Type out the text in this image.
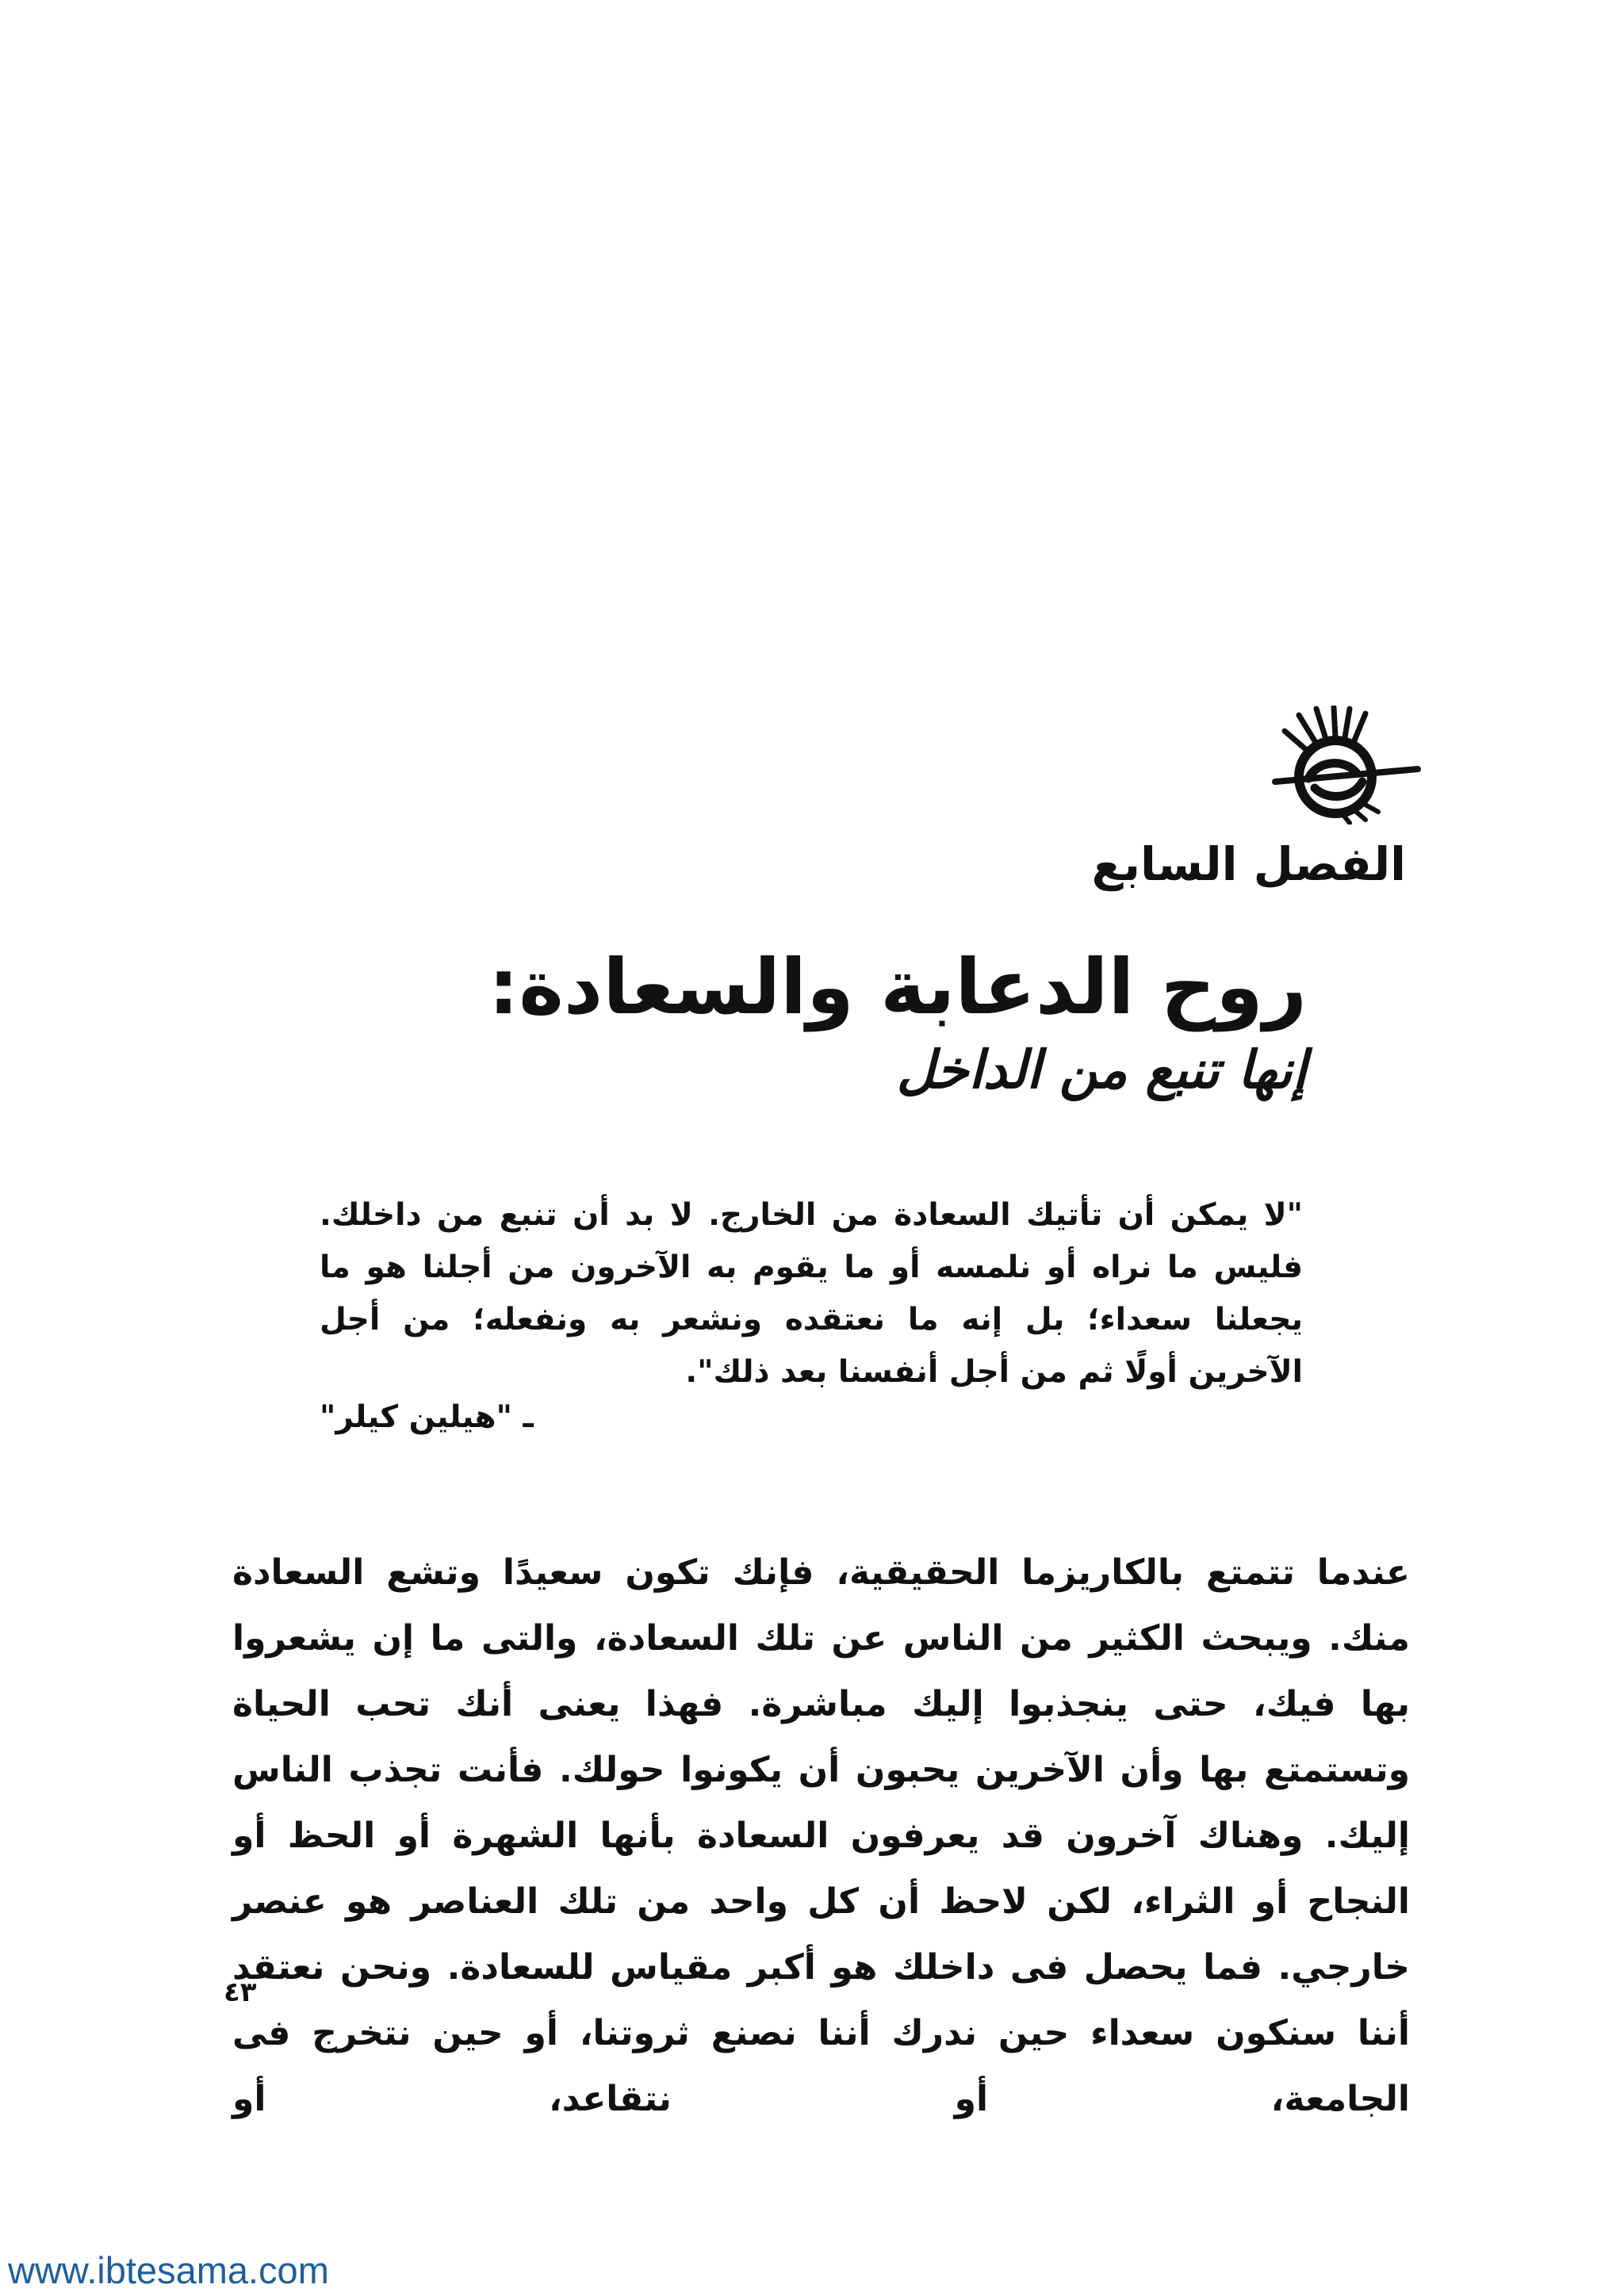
الفصل السابع
روح الدعابة والسعادة:
إنها تنبع من الداخل
"لا يمكن أن تأتيك السعادة من الخارج. لا بد أن تنبع من داخلك. فليس ما نراه أو نلمسه أو ما يقوم به الآخرون من أجلنا هو ما يجعلنا سعداء؛ بل إنه ما نعتقده ونشعر به ونفعله؛ من أجل الآخرين أولًا ثم من أجل أنفسنا بعد ذلك".
ـ "هيلين كيلر"
عندما تتمتع بالكاريزما الحقيقية، فإنك تكون سعيدًا وتشع السعادة منك. ويبحث الكثير من الناس عن تلك السعادة، والتى ما إن يشعروا بها فيك، حتى ينجذبوا إليك مباشرة. فهذا يعنى أنك تحب الحياة وتستمتع بها وأن الآخرين يحبون أن يكونوا حولك. فأنت تجذب الناس إليك. وهناك آخرون قد يعرفون السعادة بأنها الشهرة أو الحظ أو النجاح أو الثراء، لكن لاحظ أن كل واحد من تلك العناصر هو عنصر خارجي. فما يحصل فى داخلك هو أكبر مقياس للسعادة. ونحن نعتقد أننا سنكون سعداء حين ندرك أننا نصنع ثروتنا، أو حين نتخرج فى الجامعة، أو نتقاعد، أو
٤٣
www.ibtesama.com
